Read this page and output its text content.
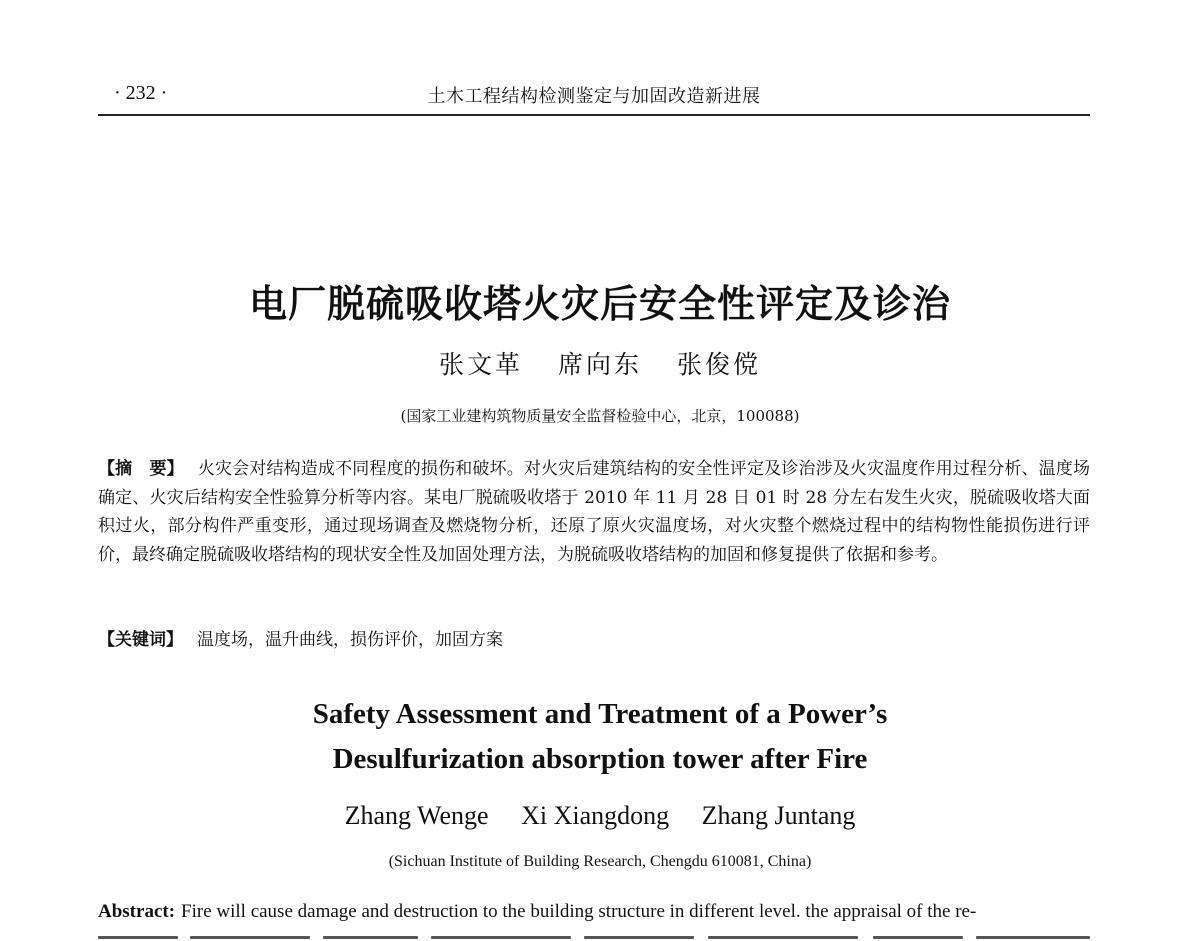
· 232 ·	土木工程结构检测鉴定与加固改造新进展
电厂脱硫吸收塔火灾后安全性评定及诊治
张文革 席向东 张俊傥
(国家工业建构筑物质量安全监督检验中心，北京，100088)
【摘　要】 火灾会对结构造成不同程度的损伤和破坏。对火灾后建筑结构的安全性评定及诊治涉及火灾温度作用过程分析、温度场确定、火灾后结构安全性验算分析等内容。某电厂脱硫吸收塔于 2010 年 11 月 28 日 01 时 28 分左右发生火灾，脱硫吸收塔大面积过火，部分构件严重变形，通过现场调查及燃烧物分析，还原了原火灾温度场，对火灾整个燃烧过程中的结构物性能损伤进行评价，最终确定脱硫吸收塔结构的现状安全性及加固处理方法，为脱硫吸收塔结构的加固和修复提供了依据和参考。
【关键词】 温度场，温升曲线，损伤评价，加固方案
Safety Assessment and Treatment of a Power’s
Desulfurization absorption tower after Fire
Zhang Wenge Xi Xiangdong Zhang Juntang
(Sichuan Institute of Building Research, Chengdu 610081, China)
Abstract: Fire will cause damage and destruction to the building structure in different level. the appraisal of the re-
